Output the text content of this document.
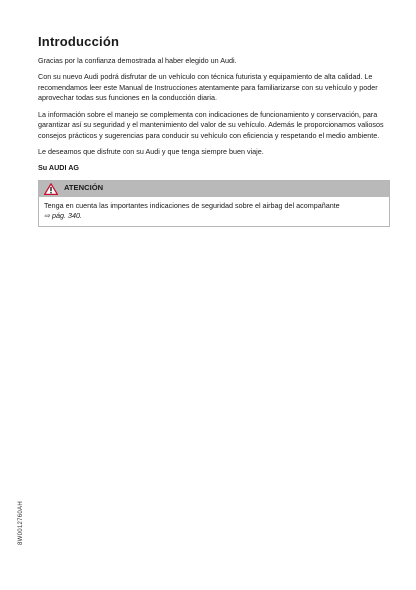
Introducción

Gracias por la confianza demostrada al haber elegido un Audi.

Con su nuevo Audi podrá disfrutar de un vehículo con técnica futurista y equipamiento de alta calidad. Le recomendamos leer este Manual de Instrucciones atentamente para familiarizarse con su vehículo y poder aprovechar todas sus funciones en la conducción diaria.

La información sobre el manejo se complementa con indicaciones de funcionamiento y conservación, para garantizar así su seguridad y el mantenimiento del valor de su vehículo. Además le proporcionamos valiosos consejos prácticos y sugerencias para conducir su vehículo con eficiencia y respetando el medio ambiente.

Le deseamos que disfrute con su Audi y que tenga siempre buen viaje.

Su AUDI AG

ATENCIÓN
Tenga en cuenta las importantes indicaciones de seguridad sobre el airbag del acompañante
⇨ pág. 340.
8W0012760AH
